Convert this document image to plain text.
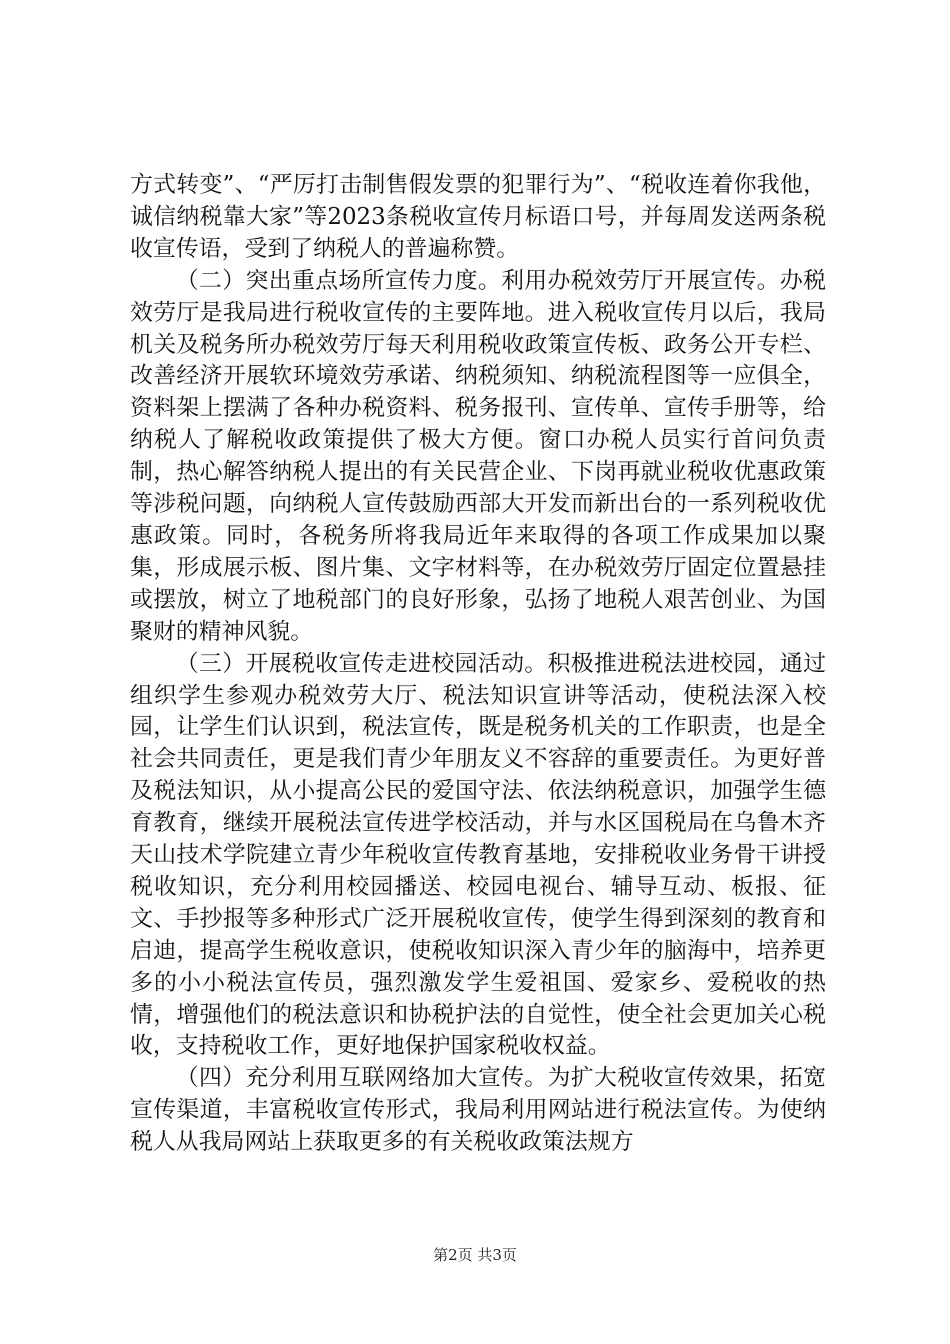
方式转变”、“严厉打击制售假发票的犯罪行为”、“税收连着你我他，诚信纳税靠大家”等2023条税收宣传月标语口号，并每周发送两条税收宣传语，受到了纳税人的普遍称赞。

（二）突出重点场所宣传力度。利用办税效劳厅开展宣传。办税效劳厅是我局进行税收宣传的主要阵地。进入税收宣传月以后，我局机关及税务所办税效劳厅每天利用税收政策宣传板、政务公开专栏、改善经济开展软环境效劳承诺、纳税须知、纳税流程图等一应俱全，资料架上摆满了各种办税资料、税务报刊、宣传单、宣传手册等，给纳税人了解税收政策提供了极大方便。窗口办税人员实行首问负责制，热心解答纳税人提出的有关民营企业、下岗再就业税收优惠政策等涉税问题，向纳税人宣传鼓励西部大开发而新出台的一系列税收优惠政策。同时，各税务所将我局近年来取得的各项工作成果加以聚集，形成展示板、图片集、文字材料等，在办税效劳厅固定位置悬挂或摆放，树立了地税部门的良好形象，弘扬了地税人艰苦创业、为国聚财的精神风貌。

（三）开展税收宣传走进校园活动。积极推进税法进校园，通过组织学生参观办税效劳大厅、税法知识宣讲等活动，使税法深入校园，让学生们认识到，税法宣传，既是税务机关的工作职责，也是全社会共同责任，更是我们青少年朋友义不容辞的重要责任。为更好普及税法知识，从小提高公民的爱国守法、依法纳税意识，加强学生德育教育，继续开展税法宣传进学校活动，并与水区国税局在乌鲁木齐天山技术学院建立青少年税收宣传教育基地，安排税收业务骨干讲授税收知识，充分利用校园播送、校园电视台、辅导互动、板报、征文、手抄报等多种形式广泛开展税收宣传，使学生得到深刻的教育和启迪，提高学生税收意识，使税收知识深入青少年的脑海中，培养更多的小小税法宣传员，强烈激发学生爱祖国、爱家乡、爱税收的热情，增强他们的税法意识和协税护法的自觉性，使全社会更加关心税收，支持税收工作，更好地保护国家税收权益。

（四）充分利用互联网络加大宣传。为扩大税收宣传效果，拓宽宣传渠道，丰富税收宣传形式，我局利用网站进行税法宣传。为使纳税人从我局网站上获取更多的有关税收政策法规方

第2页 共3页
